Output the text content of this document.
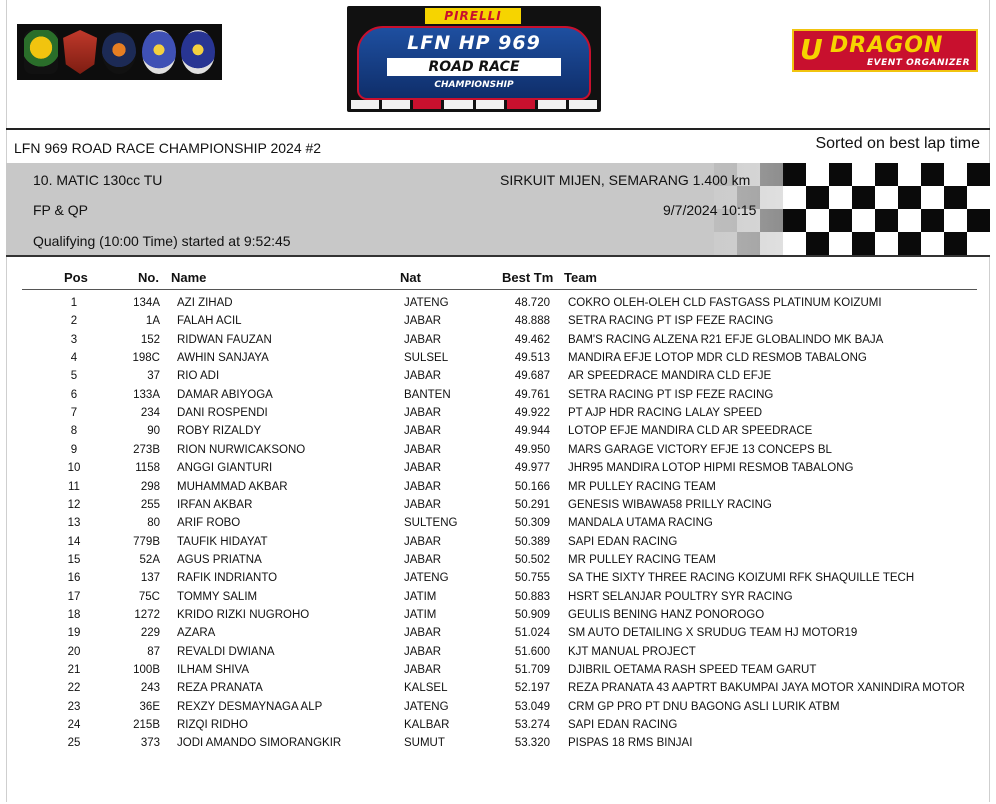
PIRELLI
LFN HP 969
ROAD RACE
CHAMPIONSHIP
U DRAGON
EVENT ORGANIZER
LFN 969 ROAD RACE CHAMPIONSHIP 2024 #2	Sorted on best lap time
10. MATIC 130cc TU
FP & QP
Qualifying (10:00 Time) started at 9:52:45
SIRKUIT MIJEN, SEMARANG 1.400 km
9/7/2024 10:15
Pos	No. Name	Nat	Best Tm Team
1	134A AZI ZIHAD	JATENG	48.720 COKRO OLEH-OLEH CLD FASTGASS PLATINUM KOIZUMI
2	1A FALAH ACIL	JABAR	48.888 SETRA RACING PT ISP FEZE RACING
3	152 RIDWAN FAUZAN	JABAR	49.462 BAM'S RACING ALZENA R21 EFJE GLOBALINDO MK BAJA
4	198C AWHIN SANJAYA	SULSEL	49.513 MANDIRA EFJE LOTOP MDR CLD RESMOB TABALONG
5	37 RIO ADI	JABAR	49.687 AR SPEEDRACE MANDIRA CLD EFJE
6	133A DAMAR ABIYOGA	BANTEN	49.761 SETRA RACING PT ISP FEZE RACING
7	234 DANI ROSPENDI	JABAR	49.922 PT AJP HDR RACING LALAY SPEED
8	90 ROBY RIZALDY	JABAR	49.944 LOTOP EFJE MANDIRA CLD AR SPEEDRACE
9	273B RION NURWICAKSONO	JABAR	49.950 MARS GARAGE VICTORY EFJE 13 CONCEPS BL
10	1158 ANGGI GIANTURI	JABAR	49.977 JHR95 MANDIRA LOTOP HIPMI RESMOB TABALONG
11	298 MUHAMMAD AKBAR	JABAR	50.166 MR PULLEY RACING TEAM
12	255 IRFAN AKBAR	JABAR	50.291 GENESIS WIBAWA58 PRILLY RACING
13	80 ARIF ROBO	SULTENG	50.309 MANDALA UTAMA RACING
14	779B TAUFIK HIDAYAT	JABAR	50.389 SAPI EDAN RACING
15	52A AGUS PRIATNA	JABAR	50.502 MR PULLEY RACING TEAM
16	137 RAFIK INDRIANTO	JATENG	50.755 SA THE SIXTY THREE RACING KOIZUMI RFK SHAQUILLE TECH
17	75C TOMMY SALIM	JATIM	50.883 HSRT SELANJAR POULTRY SYR RACING
18	1272 KRIDO RIZKI NUGROHO	JATIM	50.909 GEULIS BENING HANZ PONOROGO
19	229 AZARA	JABAR	51.024 SM AUTO DETAILING X SRUDUG TEAM HJ MOTOR19
20	87 REVALDI DWIANA	JABAR	51.600 KJT MANUAL PROJECT
21	100B ILHAM SHIVA	JABAR	51.709 DJIBRIL OETAMA RASH SPEED TEAM GARUT
22	243 REZA PRANATA	KALSEL	52.197 REZA PRANATA 43 AAPTRT BAKUMPAI JAYA MOTOR XANINDIRA MOTOR
23	36E REXZY DESMAYNAGA ALP	JATENG	53.049 CRM GP PRO PT DNU BAGONG ASLI LURIK ATBM
24	215B RIZQI RIDHO	KALBAR	53.274 SAPI EDAN RACING
25	373 JODI AMANDO SIMORANGKIR	SUMUT	53.320 PISPAS 18 RMS BINJAI
